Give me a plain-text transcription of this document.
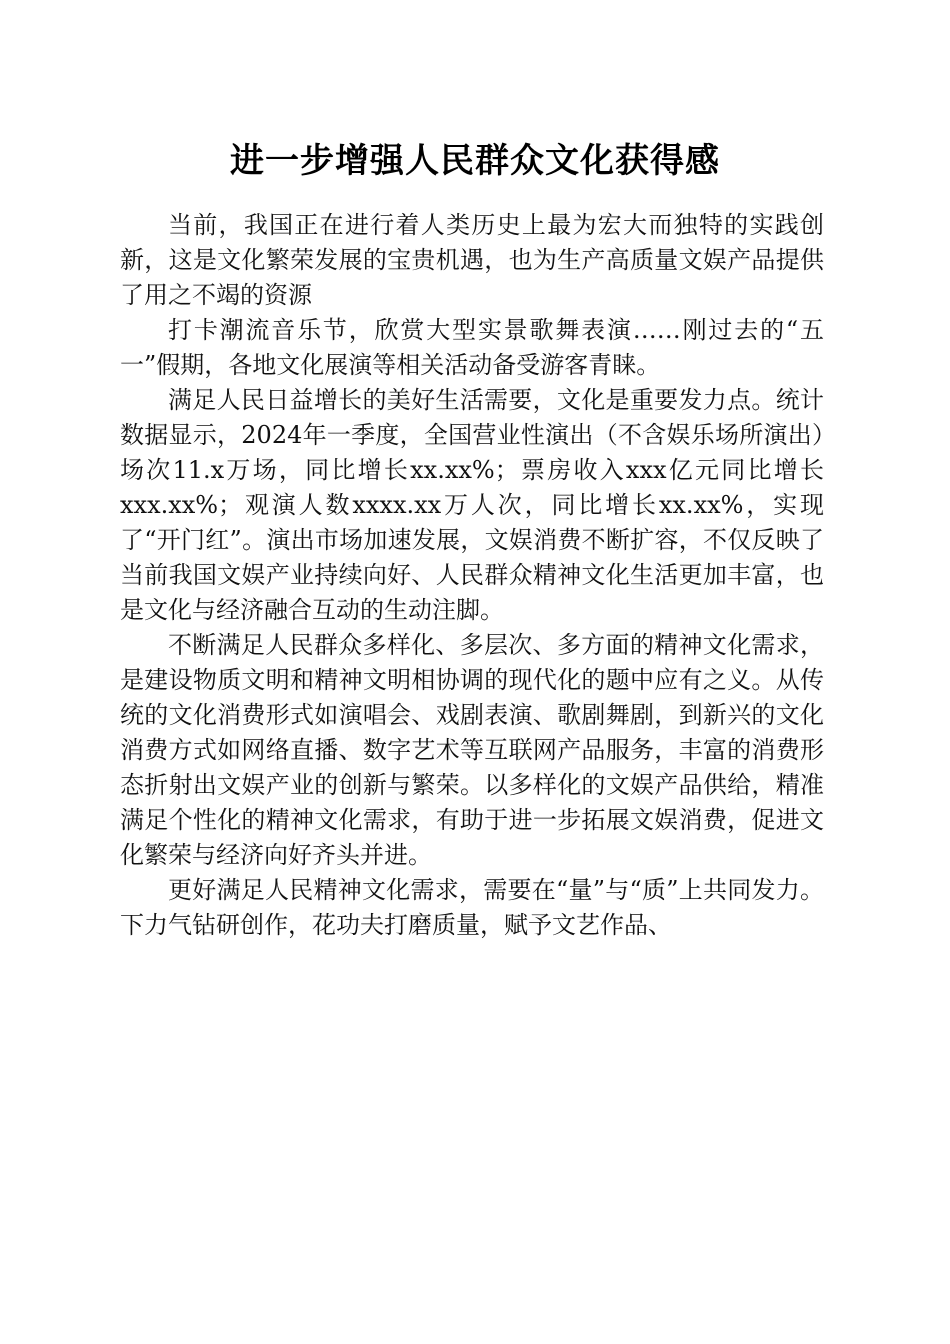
进一步增强人民群众文化获得感

当前，我国正在进行着人类历史上最为宏大而独特的实践创新，这是文化繁荣发展的宝贵机遇，也为生产高质量文娱产品提供了用之不竭的资源

打卡潮流音乐节，欣赏大型实景歌舞表演……刚过去的“五一”假期，各地文化展演等相关活动备受游客青睐。

满足人民日益增长的美好生活需要，文化是重要发力点。统计数据显示，2024年一季度，全国营业性演出（不含娱乐场所演出）场次11.x万场，同比增长xx.xx%；票房收入xxx亿元同比增长xxx.xx%；观演人数xxxx.xx万人次，同比增长xx.xx%，实现了“开门红”。演出市场加速发展，文娱消费不断扩容，不仅反映了当前我国文娱产业持续向好、人民群众精神文化生活更加丰富，也是文化与经济融合互动的生动注脚。

不断满足人民群众多样化、多层次、多方面的精神文化需求，是建设物质文明和精神文明相协调的现代化的题中应有之义。从传统的文化消费形式如演唱会、戏剧表演、歌剧舞剧，到新兴的文化消费方式如网络直播、数字艺术等互联网产品服务，丰富的消费形态折射出文娱产业的创新与繁荣。以多样化的文娱产品供给，精准满足个性化的精神文化需求，有助于进一步拓展文娱消费，促进文化繁荣与经济向好齐头并进。

更好满足人民精神文化需求，需要在“量”与“质”上共同发力。下力气钻研创作，花功夫打磨质量，赋予文艺作品、
